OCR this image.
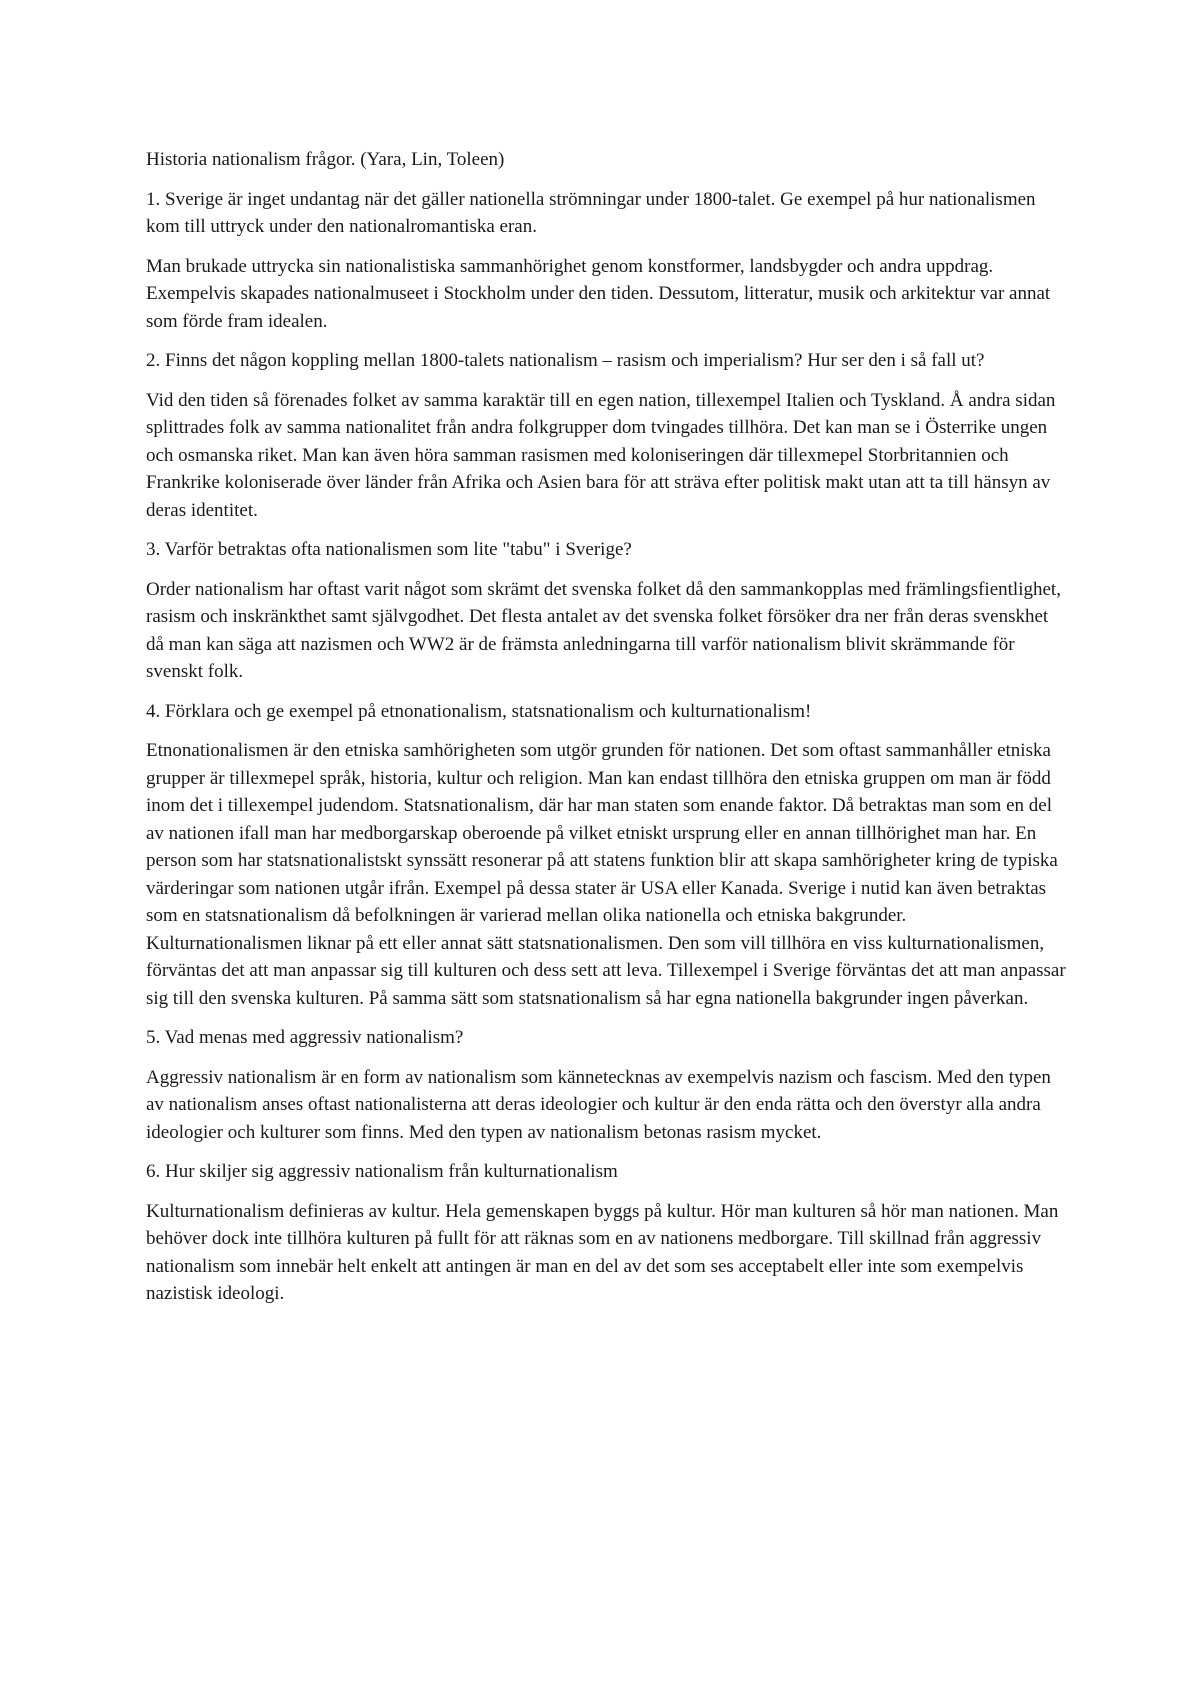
Historia nationalism frågor. (Yara, Lin, Toleen)

1. Sverige är inget undantag när det gäller nationella strömningar under 1800-talet. Ge exempel på hur nationalismen kom till uttryck under den nationalromantiska eran.

Man brukade uttrycka sin nationalistiska sammanhörighet genom konstformer, landsbygder och andra uppdrag. Exempelvis skapades nationalmuseet i Stockholm under den tiden. Dessutom, litteratur, musik och arkitektur var annat som förde fram idealen.

2. Finns det någon koppling mellan 1800-talets nationalism – rasism och imperialism? Hur ser den i så fall ut?

Vid den tiden så förenades folket av samma karaktär till en egen nation, tillexempel Italien och Tyskland. Å andra sidan splittrades folk av samma nationalitet från andra folkgrupper dom tvingades tillhöra. Det kan man se i Österrike ungen och osmanska riket. Man kan även höra samman rasismen med koloniseringen där tillexmepel Storbritannien och Frankrike koloniserade över länder från Afrika och Asien bara för att sträva efter politisk makt utan att ta till hänsyn av deras identitet.

3. Varför betraktas ofta nationalismen som lite "tabu" i Sverige?

Order nationalism har oftast varit något som skrämt det svenska folket då den sammankopplas med främlingsfientlighet, rasism och inskränkthet samt självgodhet. Det flesta antalet av det svenska folket försöker dra ner från deras svenskhet då man kan säga att nazismen och WW2 är de främsta anledningarna till varför nationalism blivit skrämmande för svenskt folk.

4. Förklara och ge exempel på etnonationalism, statsnationalism och kulturnationalism!

Etnonationalismen är den etniska samhörigheten som utgör grunden för nationen. Det som oftast sammanhåller etniska grupper är tillexmepel språk, historia, kultur och religion. Man kan endast tillhöra den etniska gruppen om man är född inom det i tillexempel judendom. Statsnationalism, där har man staten som enande faktor. Då betraktas man som en del av nationen ifall man har medborgarskap oberoende på vilket etniskt ursprung eller en annan tillhörighet man har. En person som har statsnationalistskt synssätt resonerar på att statens funktion blir att skapa samhörigheter kring de typiska värderingar som nationen utgår ifrån. Exempel på dessa stater är USA eller Kanada. Sverige i nutid kan även betraktas som en statsnationalism då befolkningen är varierad mellan olika nationella och etniska bakgrunder. Kulturnationalismen liknar på ett eller annat sätt statsnationalismen. Den som vill tillhöra en viss kulturnationalismen, förväntas det att man anpassar sig till kulturen och dess sett att leva. Tillexempel i Sverige förväntas det att man anpassar sig till den svenska kulturen. På samma sätt som statsnationalism så har egna nationella bakgrunder ingen påverkan.

5. Vad menas med aggressiv nationalism?

Aggressiv nationalism är en form av nationalism som kännetecknas av exempelvis nazism och fascism. Med den typen av nationalism anses oftast nationalisterna att deras ideologier och kultur är den enda rätta och den överstyr alla andra ideologier och kulturer som finns. Med den typen av nationalism betonas rasism mycket.

6. Hur skiljer sig aggressiv nationalism från kulturnationalism

Kulturnationalism definieras av kultur. Hela gemenskapen byggs på kultur. Hör man kulturen så hör man nationen. Man behöver dock inte tillhöra kulturen på fullt för att räknas som en av nationens medborgare. Till skillnad från aggressiv nationalism som innebär helt enkelt att antingen är man en del av det som ses acceptabelt eller inte som exempelvis nazistisk ideologi.
